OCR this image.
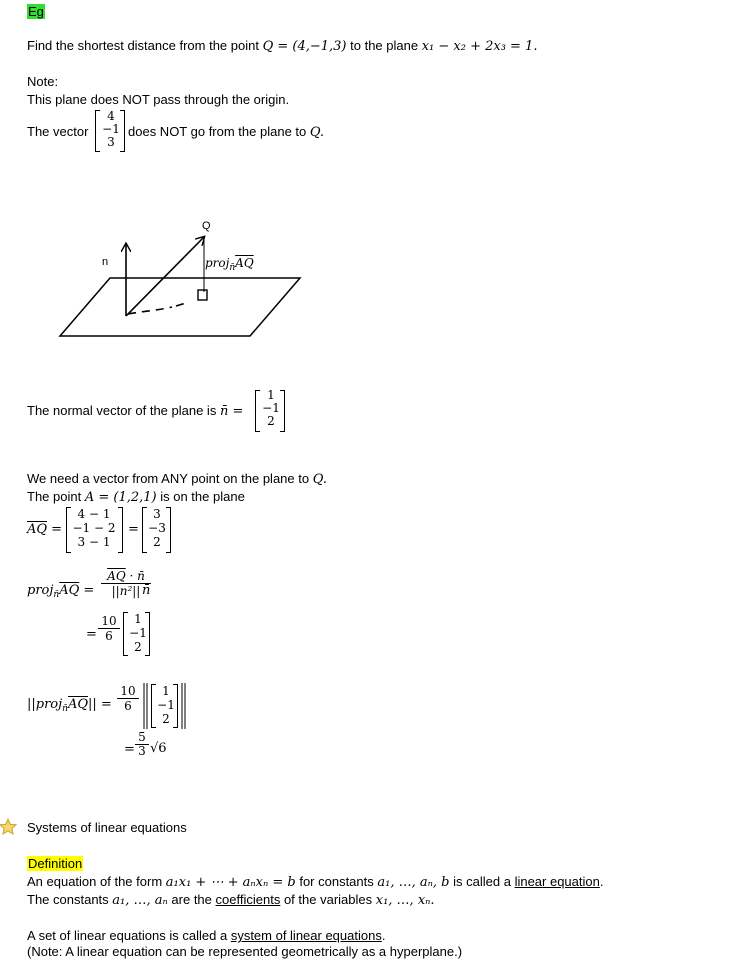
Eg
Find the shortest distance from the point Q = (4,−1,3) to the plane x₁ − x₂ + 2x₃ = 1.
Note:
This plane does NOT pass through the origin.
The vector
4
−1
3
does NOT go from the plane to Q.
Q
n	$proj_{n̄}\overline{AQ}$
The normal vector of the plane is n̄ =
1
−1
2
We need a vector from ANY point on the plane to Q.
The point A = (1,2,1) is on the plane
$\overline{AQ}$ =
4 − 1
−1 − 2
3 − 1
=
3
−3
2
$proj_{n̄}\overline{AQ} = \frac{\overline{AQ} \cdot n̄}{\text{||n²||}}$
n̄
= $\frac{10}{6}$	1
−1
2
$||proj_{n̄}\overline{AQ}|| = \frac{10}{6}$	1
−1
2
= $\frac{5}{3} √6$
Systems of linear equations
Definition
An equation of the form a₁x₁ + ⋯ + aₙxₙ = b for constants a₁, …, aₙ, b is called a linear equation.
The constants a₁, …, aₙ are the coefficients of the variables x₁, …, xₙ.
A set of linear equations is called a system of linear equations.
(Note: A linear equation can be represented geometrically as a hyperplane.)
